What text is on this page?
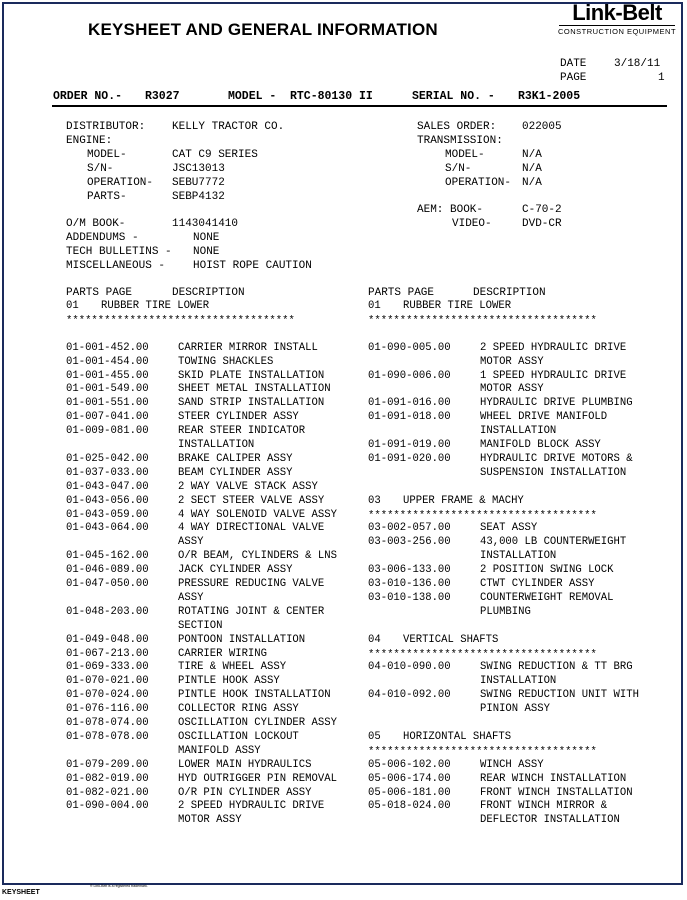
KEYSHEET AND GENERAL INFORMATION
Link-Belt
CONSTRUCTION EQUIPMENT
DATE	3/18/11
PAGE	1
ORDER NO.- R3027	MODEL - RTC-80130 II	SERIAL NO. - R3K1-2005
DISTRIBUTOR: KELLY TRACTOR CO.
ENGINE:
MODEL-	CAT C9 SERIES
S/N-	JSC13013
OPERATION- SEBU7772
PARTS-	SEBP4132
SALES ORDER: 022005
TRANSMISSION:
MODEL-	N/A
S/N-	N/A
OPERATION- N/A
AEM: BOOK-	C-70-2
VIDEO-	DVD-CR
O/M BOOK-	1143041410
ADDENDUMS -	NONE
TECH BULLETINS - NONE
MISCELLANEOUS -	HOIST ROPE CAUTION
PARTS PAGE	DESCRIPTION	PARTS PAGE	DESCRIPTION
01 RUBBER TIRE LOWER
01-001-452.00	CARRIER MIRROR INSTALL
01-001-454.00	TOWING SHACKLES
01-001-455.00	SKID PLATE INSTALLATION
01-001-549.00	SHEET METAL INSTALLATION
01-001-551.00	SAND STRIP INSTALLATION
01-007-041.00	STEER CYLINDER ASSY
01-009-081.00	REAR STEER INDICATOR
INSTALLATION
01-025-042.00	BRAKE CALIPER ASSY
01-037-033.00	BEAM CYLINDER ASSY
01-043-047.00	2 WAY VALVE STACK ASSY
01-043-056.00	2 SECT STEER VALVE ASSY
01-043-059.00	4 WAY SOLENOID VALVE ASSY
01-043-064.00	4 WAY DIRECTIONAL VALVE
ASSY
01-045-162.00	O/R BEAM, CYLINDERS & LNS
01-046-089.00	JACK CYLINDER ASSY
01-047-050.00	PRESSURE REDUCING VALVE
ASSY
01-048-203.00	ROTATING JOINT & CENTER
SECTION
01-049-048.00	PONTOON INSTALLATION
01-067-213.00	CARRIER WIRING
01-069-333.00	TIRE & WHEEL ASSY
01-070-021.00	PINTLE HOOK ASSY
01-070-024.00	PINTLE HOOK INSTALLATION
01-076-116.00	COLLECTOR RING ASSY
01-078-074.00	OSCILLATION CYLINDER ASSY
01-078-078.00	OSCILLATION LOCKOUT
MANIFOLD ASSY
01-079-209.00	LOWER MAIN HYDRAULICS
01-082-019.00	HYD OUTRIGGER PIN REMOVAL
01-082-021.00	O/R PIN CYLINDER ASSY
01-090-004.00	2 SPEED HYDRAULIC DRIVE
MOTOR ASSY
01 RUBBER TIRE LOWER
01-090-005.00	2 SPEED HYDRAULIC DRIVE
MOTOR ASSY
01-090-006.00	1 SPEED HYDRAULIC DRIVE
MOTOR ASSY
01-091-016.00	HYDRAULIC DRIVE PLUMBING
01-091-018.00	WHEEL DRIVE MANIFOLD
INSTALLATION
01-091-019.00	MANIFOLD BLOCK ASSY
01-091-020.00	HYDRAULIC DRIVE MOTORS &
SUSPENSION INSTALLATION
03 UPPER FRAME & MACHY
03-002-057.00	SEAT ASSY
03-003-256.00	43,000 LB COUNTERWEIGHT
INSTALLATION
03-006-133.00	2 POSITION SWING LOCK
03-010-136.00	CTWT CYLINDER ASSY
03-010-138.00	COUNTERWEIGHT REMOVAL
PLUMBING
04 VERTICAL SHAFTS
04-010-090.00	SWING REDUCTION & TT BRG
INSTALLATION
04-010-092.00	SWING REDUCTION UNIT WITH
PINION ASSY
05 HORIZONTAL SHAFTS
05-006-102.00	WINCH ASSY
05-006-174.00	REAR WINCH INSTALLATION
05-006-181.00	FRONT WINCH INSTALLATION
05-018-024.00	FRONT WINCH MIRROR &
DEFLECTOR INSTALLATION
************************************	************************************
************************************
************************************
************************************
® Link-Belt is a registered trademark.
KEYSHEET
